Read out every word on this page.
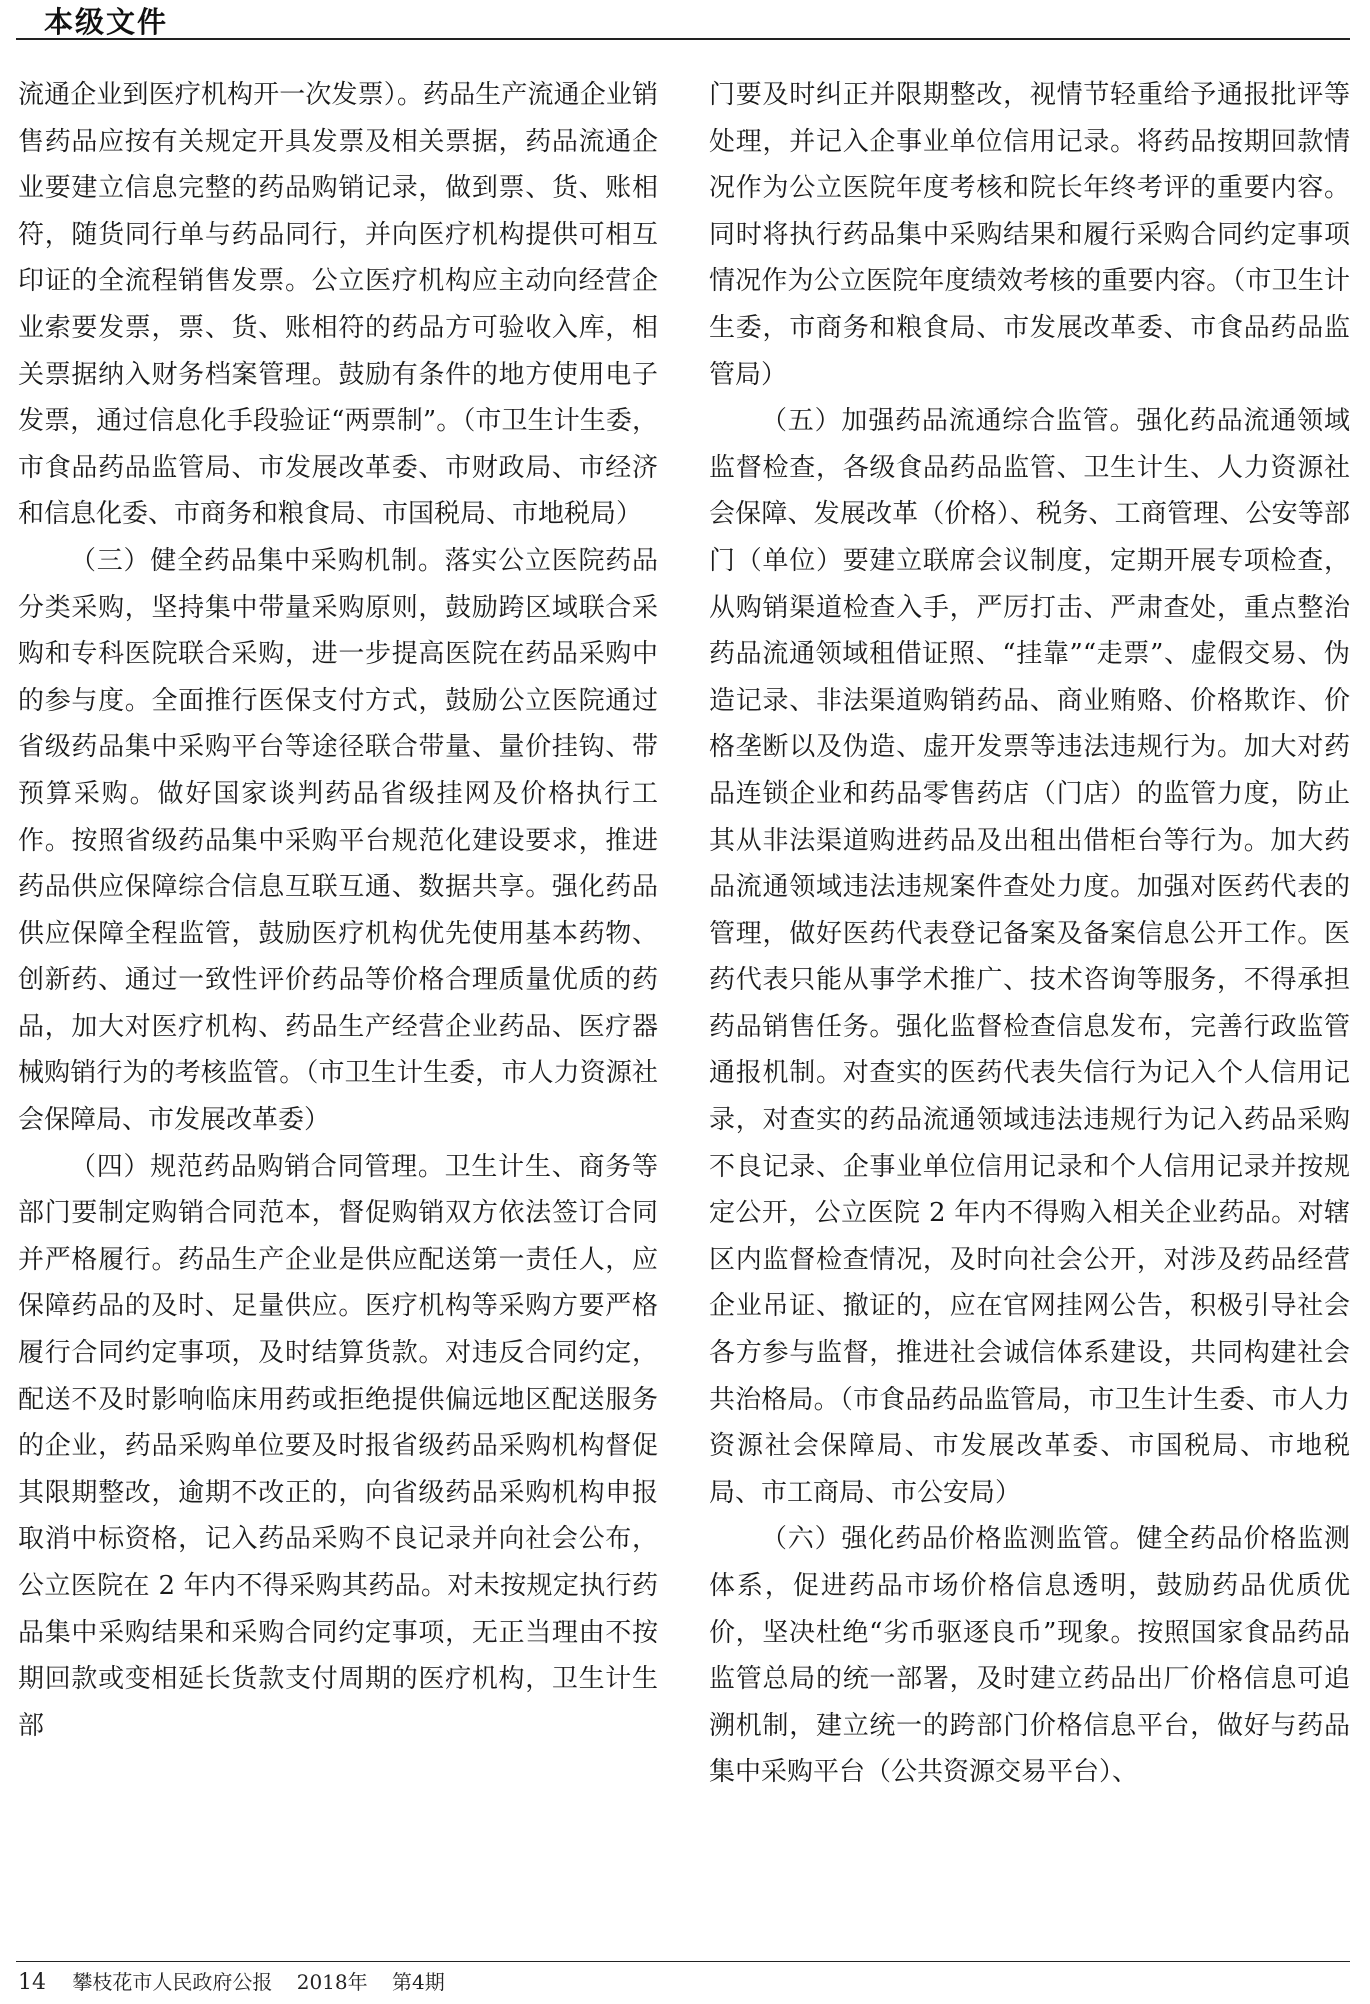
本级文件

流通企业到医疗机构开一次发票）。药品生产流通企业销售药品应按有关规定开具发票及相关票据，药品流通企业要建立信息完整的药品购销记录，做到票、货、账相符，随货同行单与药品同行，并向医疗机构提供可相互印证的全流程销售发票。公立医疗机构应主动向经营企业索要发票，票、货、账相符的药品方可验收入库，相关票据纳入财务档案管理。鼓励有条件的地方使用电子发票，通过信息化手段验证“两票制”。（市卫生计生委，市食品药品监管局、市发展改革委、市财政局、市经济和信息化委、市商务和粮食局、市国税局、市地税局）

（三）健全药品集中采购机制。落实公立医院药品分类采购，坚持集中带量采购原则，鼓励跨区域联合采购和专科医院联合采购，进一步提高医院在药品采购中的参与度。全面推行医保支付方式，鼓励公立医院通过省级药品集中采购平台等途径联合带量、量价挂钩、带预算采购。做好国家谈判药品省级挂网及价格执行工作。按照省级药品集中采购平台规范化建设要求，推进药品供应保障综合信息互联互通、数据共享。强化药品供应保障全程监管，鼓励医疗机构优先使用基本药物、创新药、通过一致性评价药品等价格合理质量优质的药品，加大对医疗机构、药品生产经营企业药品、医疗器械购销行为的考核监管。（市卫生计生委，市人力资源社会保障局、市发展改革委）

（四）规范药品购销合同管理。卫生计生、商务等部门要制定购销合同范本，督促购销双方依法签订合同并严格履行。药品生产企业是供应配送第一责任人，应保障药品的及时、足量供应。医疗机构等采购方要严格履行合同约定事项，及时结算货款。对违反合同约定，配送不及时影响临床用药或拒绝提供偏远地区配送服务的企业，药品采购单位要及时报省级药品采购机构督促其限期整改，逾期不改正的，向省级药品采购机构申报取消中标资格，记入药品采购不良记录并向社会公布，公立医院在 2 年内不得采购其药品。对未按规定执行药品集中采购结果和采购合同约定事项，无正当理由不按期回款或变相延长货款支付周期的医疗机构，卫生计生部

门要及时纠正并限期整改，视情节轻重给予通报批评等处理，并记入企事业单位信用记录。将药品按期回款情况作为公立医院年度考核和院长年终考评的重要内容。同时将执行药品集中采购结果和履行采购合同约定事项情况作为公立医院年度绩效考核的重要内容。（市卫生计生委，市商务和粮食局、市发展改革委、市食品药品监管局）

（五）加强药品流通综合监管。强化药品流通领域监督检查，各级食品药品监管、卫生计生、人力资源社会保障、发展改革（价格）、税务、工商管理、公安等部门（单位）要建立联席会议制度，定期开展专项检查，从购销渠道检查入手，严厉打击、严肃查处，重点整治药品流通领域租借证照、“挂靠”“走票”、虚假交易、伪造记录、非法渠道购销药品、商业贿赂、价格欺诈、价格垄断以及伪造、虚开发票等违法违规行为。加大对药品连锁企业和药品零售药店（门店）的监管力度，防止其从非法渠道购进药品及出租出借柜台等行为。加大药品流通领域违法违规案件查处力度。加强对医药代表的管理，做好医药代表登记备案及备案信息公开工作。医药代表只能从事学术推广、技术咨询等服务，不得承担药品销售任务。强化监督检查信息发布，完善行政监管通报机制。对查实的医药代表失信行为记入个人信用记录，对查实的药品流通领域违法违规行为记入药品采购不良记录、企事业单位信用记录和个人信用记录并按规定公开，公立医院 2 年内不得购入相关企业药品。对辖区内监督检查情况，及时向社会公开，对涉及药品经营企业吊证、撤证的，应在官网挂网公告，积极引导社会各方参与监督，推进社会诚信体系建设，共同构建社会共治格局。（市食品药品监管局，市卫生计生委、市人力资源社会保障局、市发展改革委、市国税局、市地税局、市工商局、市公安局）

（六）强化药品价格监测监管。健全药品价格监测体系，促进药品市场价格信息透明，鼓励药品优质优价，坚决杜绝“劣币驱逐良币”现象。按照国家食品药品监管总局的统一部署，及时建立药品出厂价格信息可追溯机制，建立统一的跨部门价格信息平台，做好与药品集中采购平台（公共资源交易平台）、

14 攀枝花市人民政府公报 2018年 第4期
